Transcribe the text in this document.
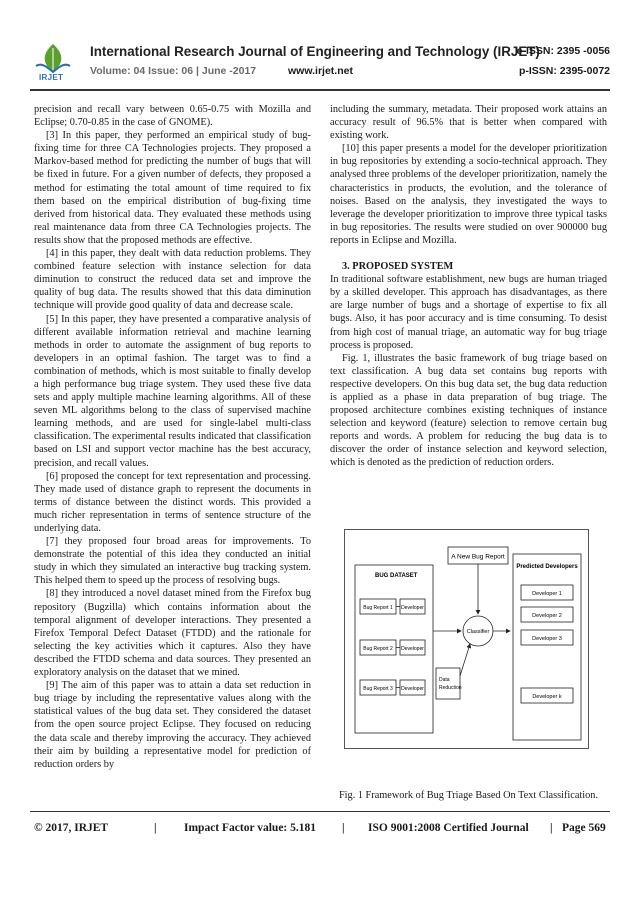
IRJET
International Research Journal of Engineering and Technology (IRJET)
e-ISSN: 2395 -0056
Volume: 04 Issue: 06 | June -2017	www.irjet.net	p-ISSN: 2395-0072

precision and recall vary between 0.65-0.75 with Mozilla and Eclipse; 0.70-0.85 in the case of GNOME).

[3] In this paper, they performed an empirical study of bug-fixing time for three CA Technologies projects. They proposed a Markov-based method for predicting the number of bugs that will be fixed in future. For a given number of defects, they proposed a method for estimating the total amount of time required to fix them based on the empirical distribution of bug-fixing time derived from historical data. They evaluated these methods using real maintenance data from three CA Technologies projects. The results show that the proposed methods are effective.

[4] in this paper, they dealt with data reduction problems. They combined feature selection with instance selection for data diminution to construct the reduced data set and improve the quality of bug data. The results showed that this data diminution technique will provide good quality of data and decrease scale.

[5] In this paper, they have presented a comparative analysis of different available information retrieval and machine learning methods in order to automate the assignment of bug reports to developers in an optimal fashion. The target was to find a combination of methods, which is most suitable to finally develop a high performance bug triage system. They used these five data sets and apply multiple machine learning algorithms. All of these seven ML algorithms belong to the class of supervised machine learning methods, and are used for single-label multi-class classification. The experimental results indicated that classification based on LSI and support vector machine has the best accuracy, precision, and recall values.

[6] proposed the concept for text representation and processing. They made used of distance graph to represent the documents in terms of distance between the distinct words. This provided a much richer representation in terms of sentence structure of the underlying data.

[7] they proposed four broad areas for improvements. To demonstrate the potential of this idea they conducted an initial study in which they simulated an interactive bug tracking system. This helped them to speed up the process of resolving bugs.

[8] they introduced a novel dataset mined from the Firefox bug repository (Bugzilla) which contains information about the temporal alignment of developer interactions. They presented a Firefox Temporal Defect Dataset (FTDD) and the rationale for selecting the key activities which it captures. Also they have described the FTDD schema and data sources. They presented an exploratory analysis on the dataset that we mined.

[9] The aim of this paper was to attain a data set reduction in bug triage by including the representative values along with the statistical values of the bug data set. They considered the dataset from the open source project Eclipse. They focused on reducing the data scale and thereby improving the accuracy. They achieved their aim by building a representative model for prediction of reduction orders by

including the summary, metadata. Their proposed work attains an accuracy result of 96.5% that is better when compared with existing work.

[10] this paper presents a model for the developer prioritization in bug repositories by extending a socio-technical approach. They analysed three problems of the developer prioritization, namely the characteristics in products, the evolution, and the tolerance of noises. Based on the analysis, they investigated the ways to leverage the developer prioritization to improve three typical tasks in bug repositories. The results were studied on over 900000 bug reports in Eclipse and Mozilla.

3. PROPOSED SYSTEM

In traditional software establishment, new bugs are human triaged by a skilled developer. This approach has disadvantages, as there are large number of bugs and a shortage of expertise to fix all bugs. Also, it has poor accuracy and is time consuming. To desist from high cost of manual triage, an automatic way for bug triage process is proposed.

Fig. 1, illustrates the basic framework of bug triage based on text classification. A bug data set contains bug reports with respective developers. On this bug data set, the bug data reduction is applied as a phase in data preparation of bug triage. The proposed architecture combines existing techniques of instance selection and keyword (feature) selection to remove certain bug reports and words. A problem for reducing the bug data is to discover the order of instance selection and keyword selection, which is denoted as the prediction of reduction orders.

A New Bug Report
BUG DATASET
Bug Report 1 Developer
Bug Report 2 Developer
Bug Report 3 Developer
Data
Reduction
Classifier
Predicted Developers
Developer 1
Developer 2
Developer 3
Developer k
Fig. 1 Framework of Bug Triage Based On Text Classification.
© 2017, IRJET	| Impact Factor value: 5.181 | ISO 9001:2008 Certified Journal | Page 569
